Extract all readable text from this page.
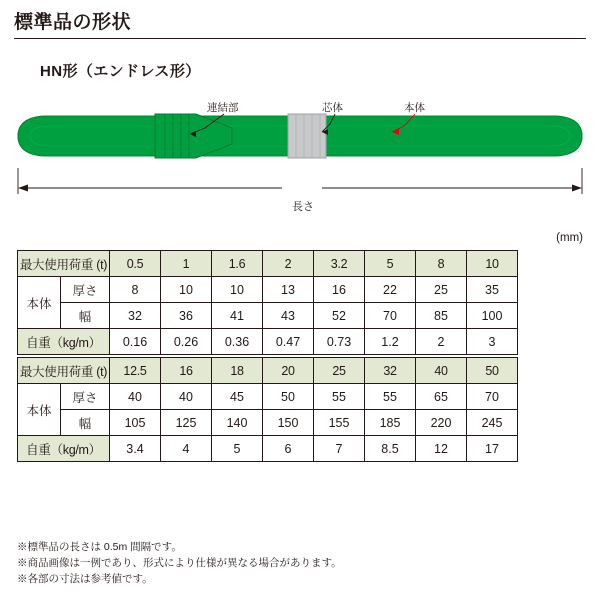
標準品の形状
HN形（エンドレス形）
連結部	芯体	本体
長さ
(mm)
最大使用荷重 (t)		0.5	1	1.6	2	3.2	5	8	10
本体	厚さ	8	10	10	13	16	22	25	35
	幅	32	36	41	43	52	70	85	100
自重（kg/m）		0.16	0.26	0.36	0.47	0.73	1.2	2	3
最大使用荷重 (t)		12.5	16	18	20	25	32	40	50
本体	厚さ	40	40	45	50	55	55	65	70
	幅	105	125	140	150	155	185	220	245
自重（kg/m）		3.4	4	5	6	7	8.5	12	17
※標準品の長さは 0.5m 間隔です。
※商品画像は一例であり、形式により仕様が異なる場合があります。
※各部の寸法は参考値です。
